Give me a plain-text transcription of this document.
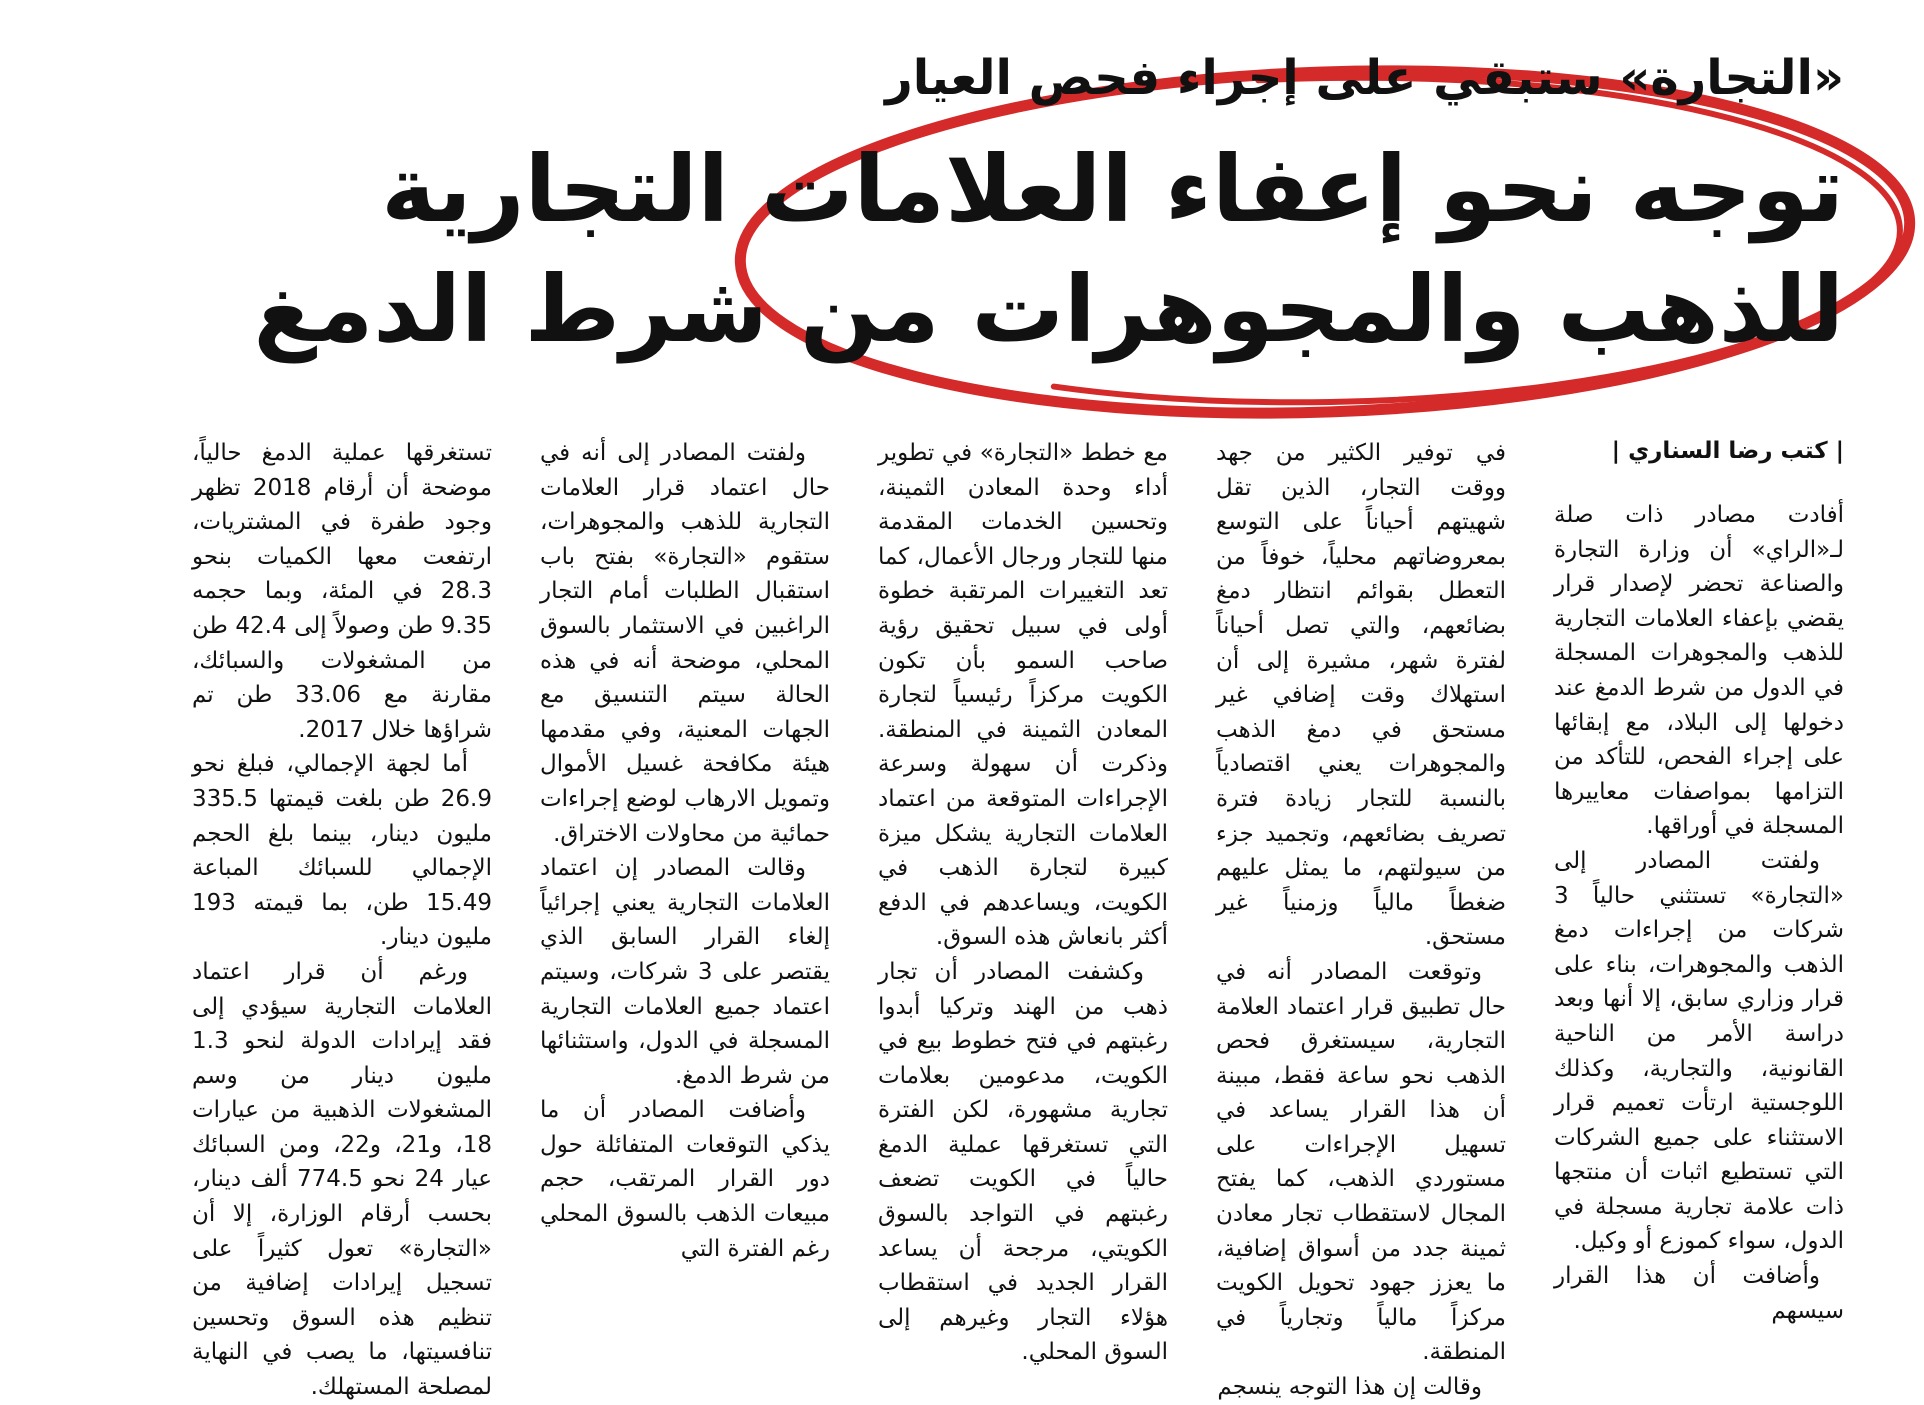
«التجارة» ستبقي على إجراء فحص العيار
توجه نحو إعفاء العلامات التجارية
للذهب والمجوهرات من شرط الدمغ
| كتب رضا السناري |

أفادت مصادر ذات صلة لـ«الراي» أن وزارة التجارة والصناعة تحضر لإصدار قرار يقضي بإعفاء العلامات التجارية للذهب والمجوهرات المسجلة في الدول من شرط الدمغ عند دخولها إلى البلاد، مع إبقائها على إجراء الفحص، للتأكد من التزامها بمواصفات معاييرها المسجلة في أوراقها.

ولفتت المصادر إلى «التجارة» تستثني حالياً 3 شركات من إجراءات دمغ الذهب والمجوهرات، بناء على قرار وزاري سابق، إلا أنها وبعد دراسة الأمر من الناحية القانونية، والتجارية، وكذلك اللوجستية ارتأت تعميم قرار الاستثناء على جميع الشركات التي تستطيع اثبات أن منتجها ذات علامة تجارية مسجلة في الدول، سواء كموزع أو وكيل.

وأضافت أن هذا القرار سيسهم

في توفير الكثير من جهد ووقت التجار، الذين تقل شهيتهم أحياناً على التوسع بمعروضاتهم محلياً، خوفاً من التعطل بقوائم انتظار دمغ بضائعهم، والتي تصل أحياناً لفترة شهر، مشيرة إلى أن استهلاك وقت إضافي غير مستحق في دمغ الذهب والمجوهرات يعني اقتصادياً بالنسبة للتجار زيادة فترة تصريف بضائعهم، وتجميد جزء من سيولتهم، ما يمثل عليهم ضغطاً مالياً وزمنياً غير مستحق.

وتوقعت المصادر أنه في حال تطبيق قرار اعتماد العلامة التجارية، سيستغرق فحص الذهب نحو ساعة فقط، مبينة أن هذا القرار يساعد في تسهيل الإجراءات على مستوردي الذهب، كما يفتح المجال لاستقطاب تجار معادن ثمينة جدد من أسواق إضافية، ما يعزز جهود تحويل الكويت مركزاً مالياً وتجارياً في المنطقة.

وقالت إن هذا التوجه ينسجم

مع خطط «التجارة» في تطوير أداء وحدة المعادن الثمينة، وتحسين الخدمات المقدمة منها للتجار ورجال الأعمال، كما تعد التغييرات المرتقبة خطوة أولى في سبيل تحقيق رؤية صاحب السمو بأن تكون الكويت مركزاً رئيسياً لتجارة المعادن الثمينة في المنطقة. وذكرت أن سهولة وسرعة الإجراءات المتوقعة من اعتماد العلامات التجارية يشكل ميزة كبيرة لتجارة الذهب في الكويت، ويساعدهم في الدفع أكثر بانعاش هذه السوق.

وكشفت المصادر أن تجار ذهب من الهند وتركيا أبدوا رغبتهم في فتح خطوط بيع في الكويت، مدعومين بعلامات تجارية مشهورة، لكن الفترة التي تستغرقها عملية الدمغ حالياً في الكويت تضعف رغبتهم في التواجد بالسوق الكويتي، مرجحة أن يساعد القرار الجديد في استقطاب هؤلاء التجار وغيرهم إلى السوق المحلي.

ولفتت المصادر إلى أنه في حال اعتماد قرار العلامات التجارية للذهب والمجوهرات، ستقوم «التجارة» بفتح باب استقبال الطلبات أمام التجار الراغبين في الاستثمار بالسوق المحلي، موضحة أنه في هذه الحالة سيتم التنسيق مع الجهات المعنية، وفي مقدمها هيئة مكافحة غسيل الأموال وتمويل الارهاب لوضع إجراءات حمائية من محاولات الاختراق.

وقالت المصادر إن اعتماد العلامات التجارية يعني إجرائياً إلغاء القرار السابق الذي يقتصر على 3 شركات، وسيتم اعتماد جميع العلامات التجارية المسجلة في الدول، واستثنائها من شرط الدمغ.

وأضافت المصادر أن ما يذكي التوقعات المتفائلة حول دور القرار المرتقب، حجم مبيعات الذهب بالسوق المحلي رغم الفترة التي

تستغرقها عملية الدمغ حالياً، موضحة أن أرقام 2018 تظهر وجود طفرة في المشتريات، ارتفعت معها الكميات بنحو 28.3 في المئة، وبما حجمه 9.35 طن وصولاً إلى 42.4 طن من المشغولات والسبائك، مقارنة مع 33.06 طن تم شراؤها خلال 2017.

أما لجهة الإجمالي، فبلغ نحو 26.9 طن بلغت قيمتها 335.5 مليون دينار، بينما بلغ الحجم الإجمالي للسبائك المباعة 15.49 طن، بما قيمته 193 مليون دينار.

ورغم أن قرار اعتماد العلامات التجارية سيؤدي إلى فقد إيرادات الدولة لنحو 1.3 مليون دينار من وسم المشغولات الذهبية من عيارات 18، و21، و22، ومن السبائك عيار 24 نحو 774.5 ألف دينار، بحسب أرقام الوزارة، إلا أن «التجارة» تعول كثيراً على تسجيل إيرادات إضافية من تنظيم هذه السوق وتحسين تنافسيتها، ما يصب في النهاية لمصلحة المستهلك.
